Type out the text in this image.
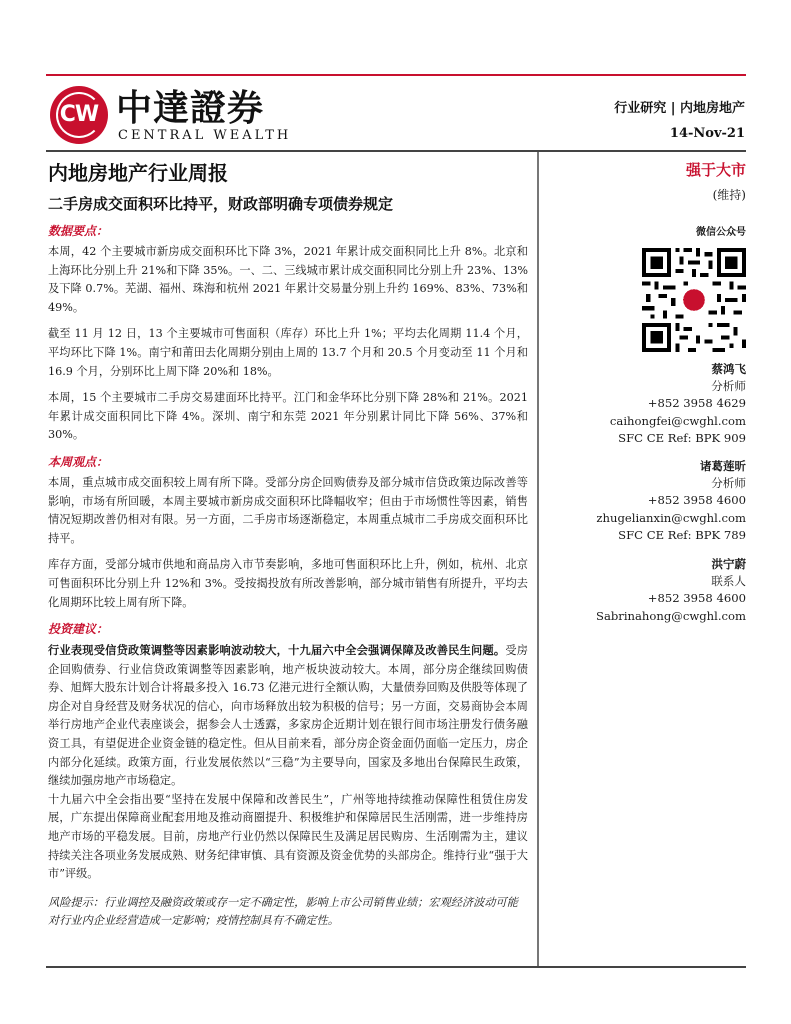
CW 中達證券
CENTRAL WEALTH
行业研究 | 内地房地产
14-Nov-21
内地房地产行业周报
二手房成交面积环比持平，财政部明确专项债券规定
数据要点：

本周，42 个主要城市新房成交面积环比下降 3%，2021 年累计成交面积同比上升 8%。北京和上海环比分别上升 21%和下降 35%。一、二、三线城市累计成交面积同比分别上升 23%、13%及下降 0.7%。芜湖、福州、珠海和杭州 2021 年累计交易量分别上升约 169%、83%、73%和 49%。

截至 11 月 12 日，13 个主要城市可售面积（库存）环比上升 1%；平均去化周期 11.4 个月，平均环比下降 1%。南宁和莆田去化周期分别由上周的 13.7 个月和 20.5 个月变动至 11 个月和 16.9 个月，分别环比上周下降 20%和 18%。

本周，15 个主要城市二手房交易建面环比持平。江门和金华环比分别下降 28%和 21%。2021 年累计成交面积同比下降 4%。深圳、南宁和东莞 2021 年分别累计同比下降 56%、37%和 30%。

本周观点：

本周，重点城市成交面积较上周有所下降。受部分房企回购债券及部分城市信贷政策边际改善等影响，市场有所回暖，本周主要城市新房成交面积环比降幅收窄；但由于市场惯性等因素，销售情况短期改善仍相对有限。另一方面，二手房市场逐渐稳定，本周重点城市二手房成交面积环比持平。

库存方面，受部分城市供地和商品房入市节奏影响，多地可售面积环比上升，例如，杭州、北京可售面积环比分别上升 12%和 3%。受按揭投放有所改善影响，部分城市销售有所提升，平均去化周期环比较上周有所下降。

投资建议：

行业表现受信贷政策调整等因素影响波动较大，十九届六中全会强调保障及改善民生问题。受房企回购债券、行业信贷政策调整等因素影响，地产板块波动较大。本周，部分房企继续回购债券、旭辉大股东计划合计将最多投入 16.73 亿港元进行全额认购，大量债券回购及供股等体现了房企对自身经营及财务状况的信心，向市场释放出较为积极的信号；另一方面，交易商协会本周举行房地产企业代表座谈会，据参会人士透露，多家房企近期计划在银行间市场注册发行债务融资工具，有望促进企业资金链的稳定性。但从目前来看，部分房企资金面仍面临一定压力，房企内部分化延续。政策方面，行业发展依然以“三稳”为主要导向，国家及多地出台保障民生政策，继续加强房地产市场稳定。

十九届六中全会指出要“坚持在发展中保障和改善民生”，广州等地持续推动保障性租赁住房发展，广东提出保障商业配套用地及推动商圈提升、积极维护和保障居民生活刚需，进一步维持房地产市场的平稳发展。目前，房地产行业仍然以保障民生及满足居民购房、生活刚需为主，建议持续关注各项业务发展成熟、财务纪律审慎、具有资源及资金优势的头部房企。维持行业“强于大市”评级。

风险提示：行业调控及融资政策或存一定不确定性，影响上市公司销售业绩；宏观经济波动可能对行业内企业经营造成一定影响；疫情控制具有不确定性。

强于大市
(维持)
微信公众号
蔡鸿飞
分析师
+852 3958 4629
caihongfei@cwghl.com
SFC CE Ref: BPK 909
诸葛莲昕
分析师
+852 3958 4600
zhugelianxin@cwghl.com
SFC CE Ref: BPK 789
洪宁蔚
联系人
+852 3958 4600
Sabrinahong@cwghl.com
